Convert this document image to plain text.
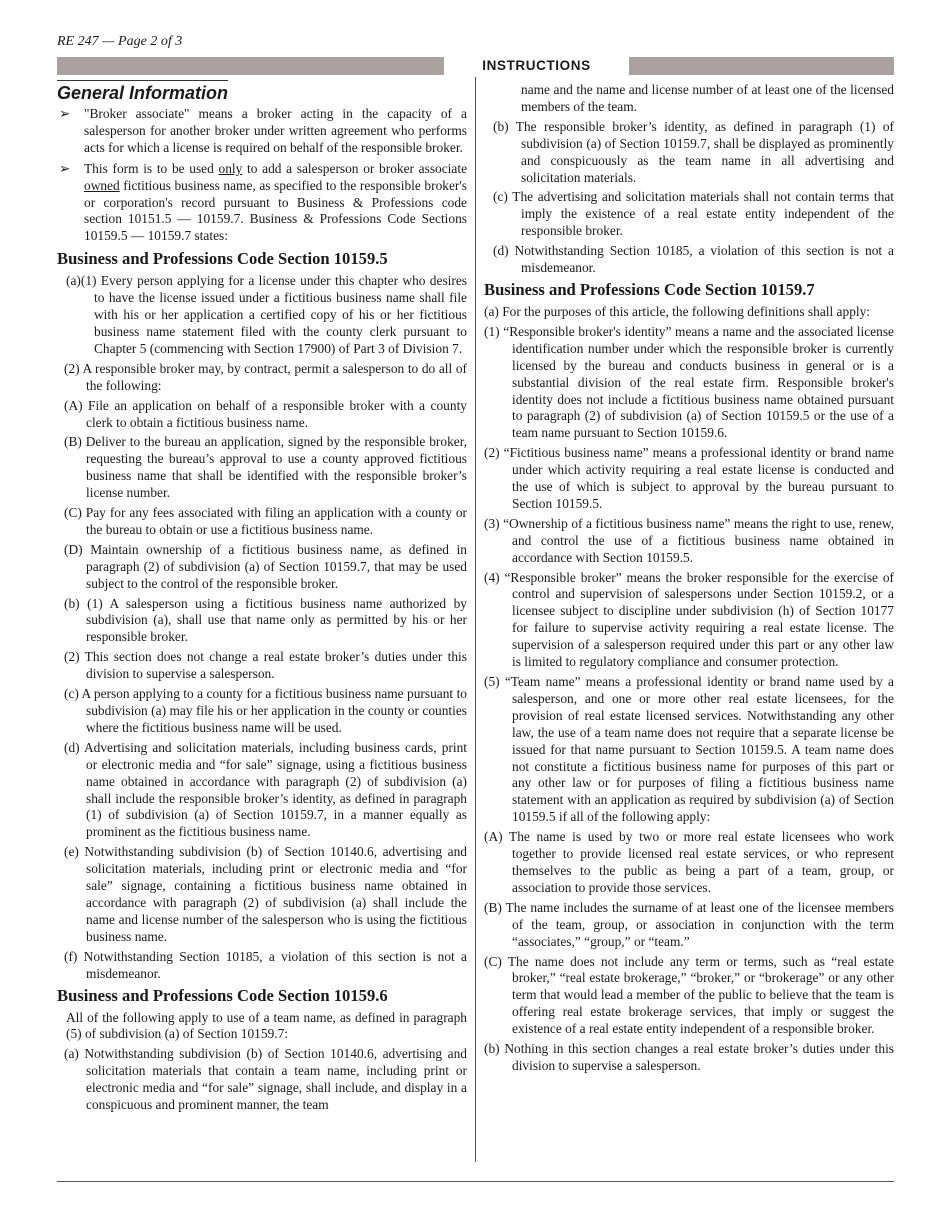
RE 247 — Page 2 of 3
INSTRUCTIONS
General Information
➢ "Broker associate" means a broker acting in the capacity of a salesperson for another broker under written agreement who performs acts for which a license is required on behalf of the responsible broker.
➢ This form is to be used only to add a salesperson or broker associate owned fictitious business name, as specified to the responsible broker's or corporation's record pursuant to Business & Professions code section 10151.5 — 10159.7. Business & Professions Code Sections 10159.5 — 10159.7 states:
Business and Professions Code Section 10159.5
(a)(1) Every person applying for a license under this chapter who desires to have the license issued under a fictitious business name shall file with his or her application a certified copy of his or her fictitious business name statement filed with the county clerk pursuant to Chapter 5 (commencing with Section 17900) of Part 3 of Division 7.
(2) A responsible broker may, by contract, permit a salesperson to do all of the following:
(A) File an application on behalf of a responsible broker with a county clerk to obtain a fictitious business name.
(B) Deliver to the bureau an application, signed by the responsible broker, requesting the bureau’s approval to use a county approved fictitious business name that shall be identified with the responsible broker’s license number.
(C) Pay for any fees associated with filing an application with a county or the bureau to obtain or use a fictitious business name.
(D) Maintain ownership of a fictitious business name, as defined in paragraph (2) of subdivision (a) of Section 10159.7, that may be used subject to the control of the responsible broker.
(b) (1) A salesperson using a fictitious business name authorized by subdivision (a), shall use that name only as permitted by his or her responsible broker.
(2) This section does not change a real estate broker’s duties under this division to supervise a salesperson.
(c) A person applying to a county for a fictitious business name pursuant to subdivision (a) may file his or her application in the county or counties where the fictitious business name will be used.
(d) Advertising and solicitation materials, including business cards, print or electronic media and “for sale” signage, using a fictitious business name obtained in accordance with paragraph (2) of subdivision (a) shall include the responsible broker’s identity, as defined in paragraph (1) of subdivision (a) of Section 10159.7, in a manner equally as prominent as the fictitious business name.
(e) Notwithstanding subdivision (b) of Section 10140.6, advertising and solicitation materials, including print or electronic media and “for sale” signage, containing a fictitious business name obtained in accordance with paragraph (2) of subdivision (a) shall include the name and license number of the salesperson who is using the fictitious business name.
(f) Notwithstanding Section 10185, a violation of this section is not a misdemeanor.
Business and Professions Code Section 10159.6
All of the following apply to use of a team name, as defined in paragraph (5) of subdivision (a) of Section 10159.7:
(a) Notwithstanding subdivision (b) of Section 10140.6, advertising and solicitation materials that contain a team name, including print or electronic media and “for sale” signage, shall include, and display in a conspicuous and prominent manner, the team
name and the name and license number of at least one of the licensed members of the team.
(b) The responsible broker’s identity, as defined in paragraph (1) of subdivision (a) of Section 10159.7, shall be displayed as prominently and conspicuously as the team name in all advertising and solicitation materials.
(c) The advertising and solicitation materials shall not contain terms that imply the existence of a real estate entity independent of the responsible broker.
(d) Notwithstanding Section 10185, a violation of this section is not a misdemeanor.
Business and Professions Code Section 10159.7
(a) For the purposes of this article, the following definitions shall apply:
(1) “Responsible broker's identity” means a name and the associated license identification number under which the responsible broker is currently licensed by the bureau and conducts business in general or is a substantial division of the real estate firm. Responsible broker's identity does not include a fictitious business name obtained pursuant to paragraph (2) of subdivision (a) of Section 10159.5 or the use of a team name pursuant to Section 10159.6.
(2) “Fictitious business name” means a professional identity or brand name under which activity requiring a real estate license is conducted and the use of which is subject to approval by the bureau pursuant to Section 10159.5.
(3) “Ownership of a fictitious business name” means the right to use, renew, and control the use of a fictitious business name obtained in accordance with Section 10159.5.
(4) “Responsible broker” means the broker responsible for the exercise of control and supervision of salespersons under Section 10159.2, or a licensee subject to discipline under subdivision (h) of Section 10177 for failure to supervise activity requiring a real estate license. The supervision of a salesperson required under this part or any other law is limited to regulatory compliance and consumer protection.
(5) “Team name” means a professional identity or brand name used by a salesperson, and one or more other real estate licensees, for the provision of real estate licensed services. Notwithstanding any other law, the use of a team name does not require that a separate license be issued for that name pursuant to Section 10159.5. A team name does not constitute a fictitious business name for purposes of this part or any other law or for purposes of filing a fictitious business name statement with an application as required by subdivision (a) of Section 10159.5 if all of the following apply:
(A) The name is used by two or more real estate licensees who work together to provide licensed real estate services, or who represent themselves to the public as being a part of a team, group, or association to provide those services.
(B) The name includes the surname of at least one of the licensee members of the team, group, or association in conjunction with the term “associates,” “group,” or “team.”
(C) The name does not include any term or terms, such as “real estate broker,” “real estate brokerage,” “broker,” or “brokerage” or any other term that would lead a member of the public to believe that the team is offering real estate brokerage services, that imply or suggest the existence of a real estate entity independent of a responsible broker.
(b) Nothing in this section changes a real estate broker’s duties under this division to supervise a salesperson.
